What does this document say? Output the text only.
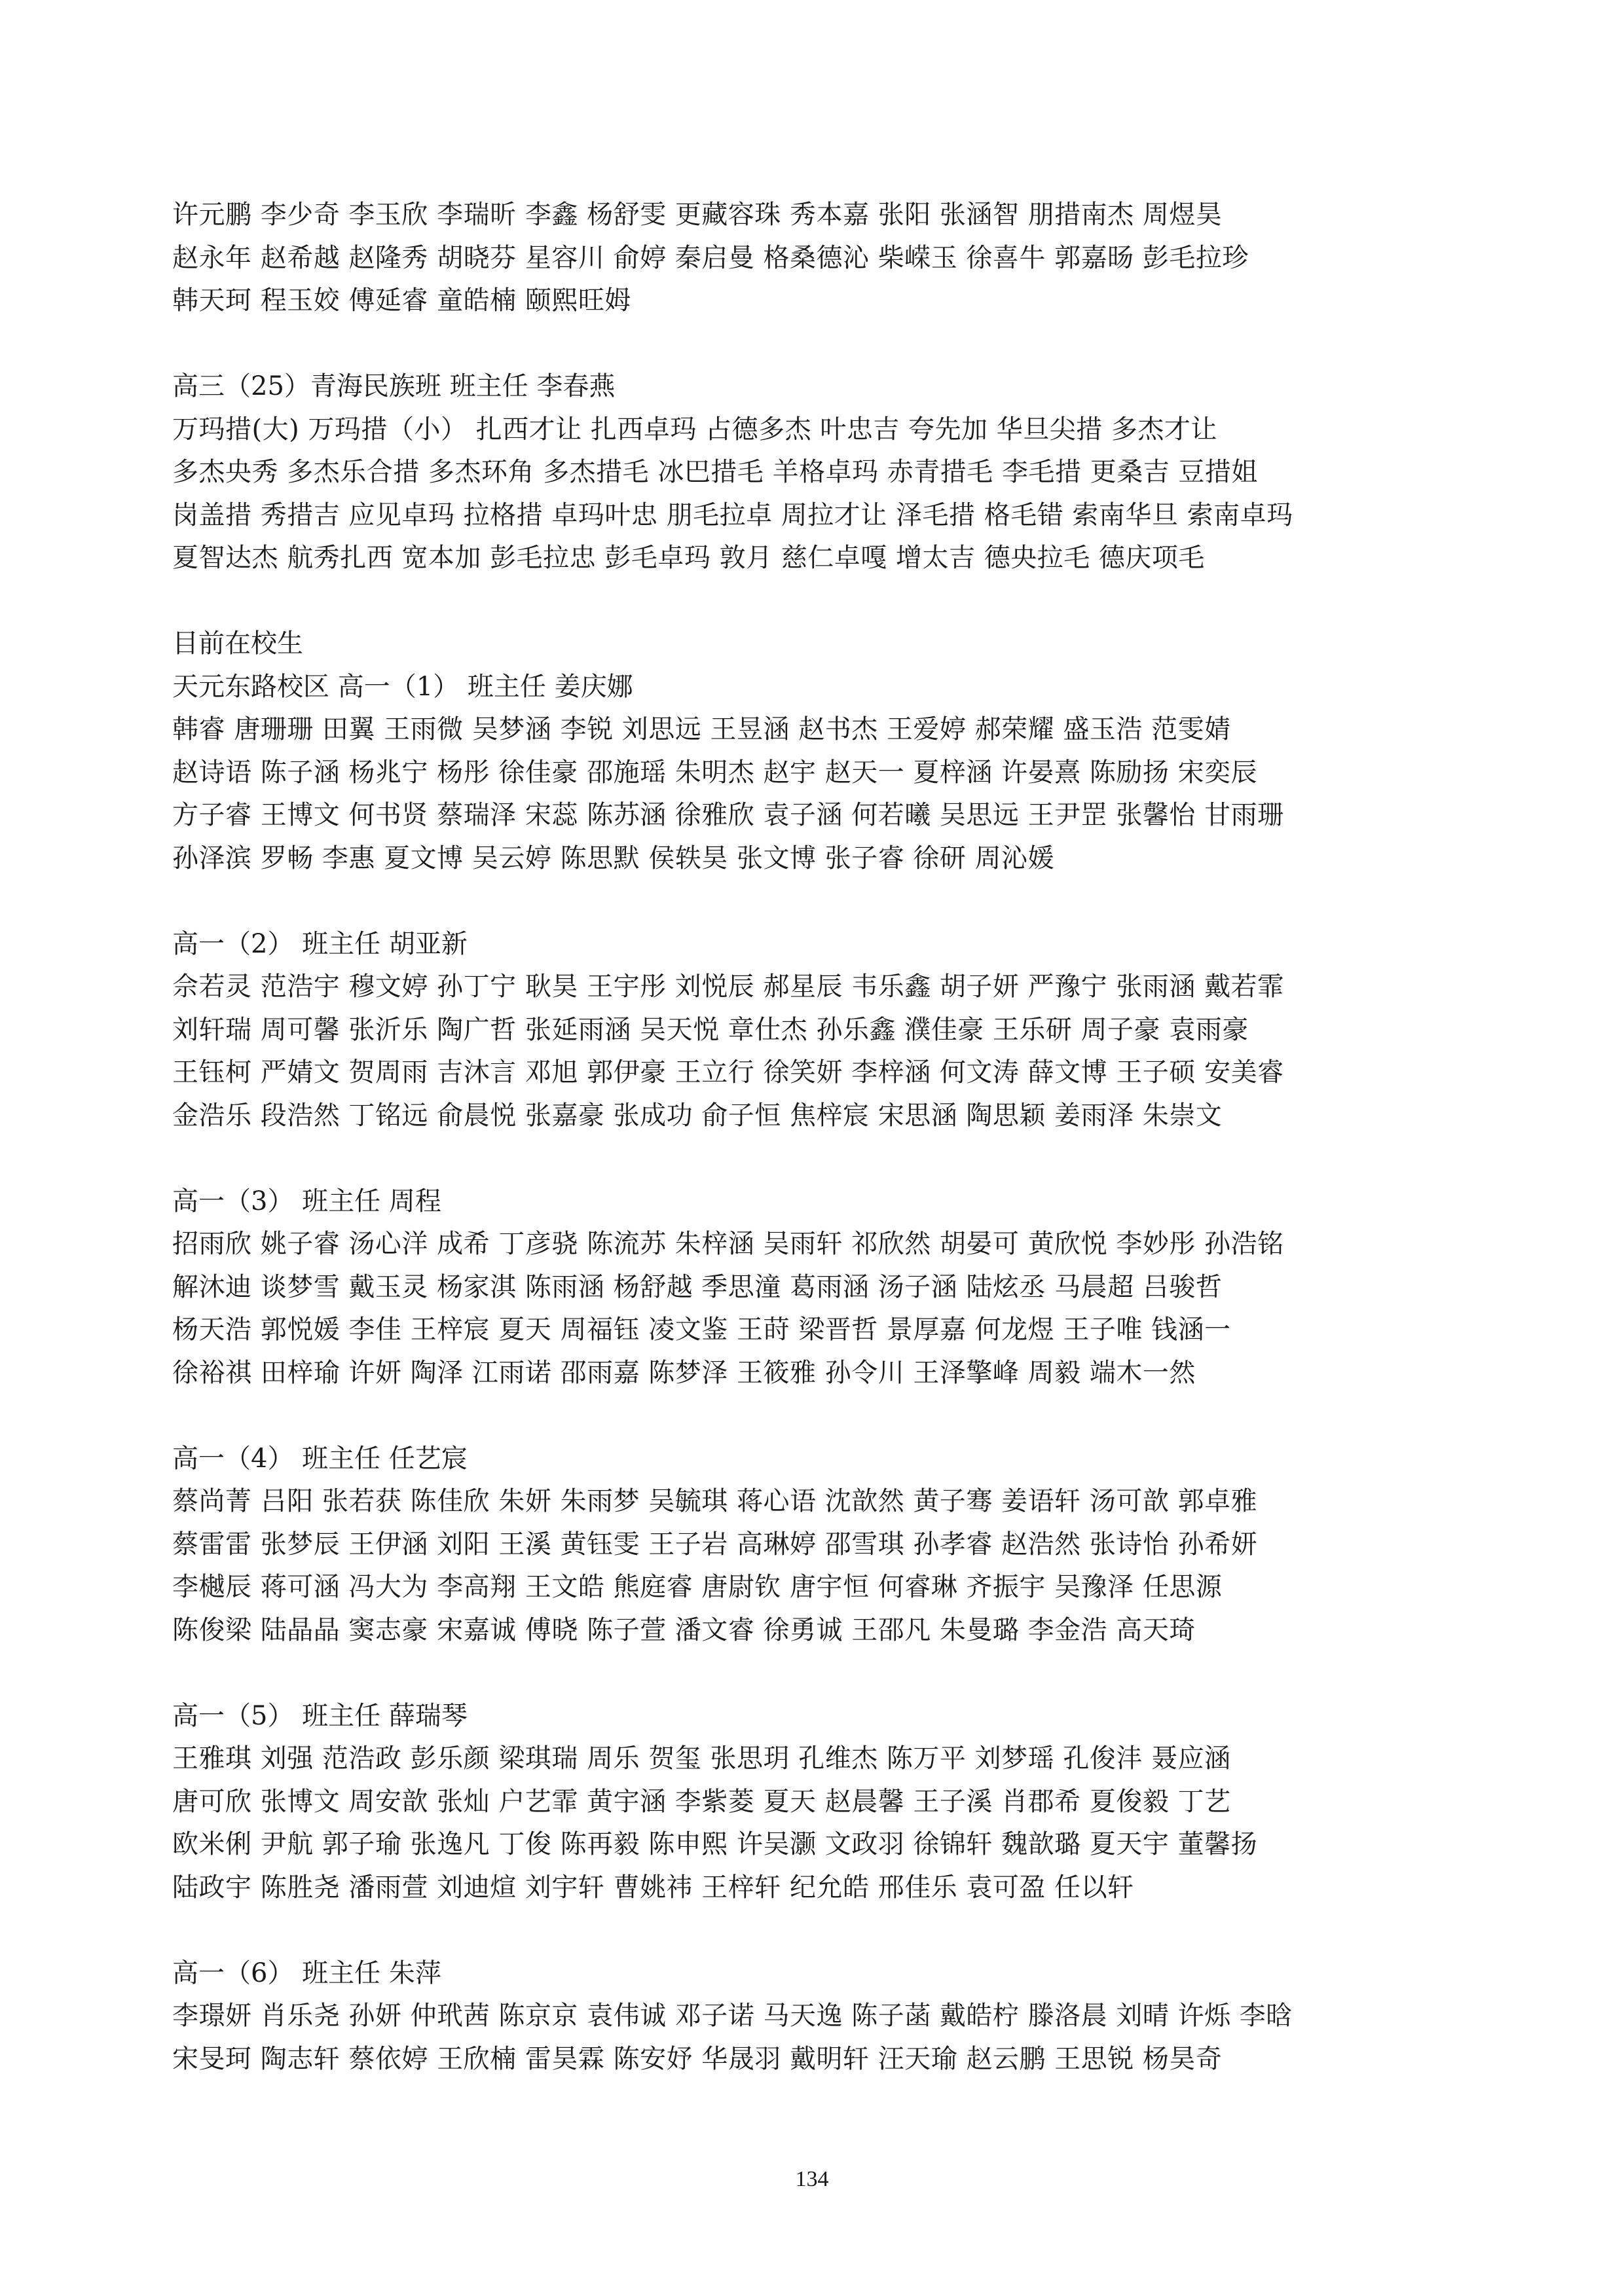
许元鹏 李少奇 李玉欣 李瑞昕 李鑫 杨舒雯 更藏容珠 秀本嘉 张阳 张涵智 朋措南杰 周煜昊
赵永年 赵希越 赵隆秀 胡晓芬 星容川 俞婷 秦启曼 格桑德沁 柴嵘玉 徐喜牛 郭嘉旸 彭毛拉珍
韩天珂 程玉姣 傅延睿 童皓楠 颐熙旺姆
高三（25）青海民族班 班主任 李春燕
万玛措(大) 万玛措（小） 扎西才让 扎西卓玛 占德多杰 叶忠吉 夸先加 华旦尖措 多杰才让
多杰央秀 多杰乐合措 多杰环角 多杰措毛 冰巴措毛 羊格卓玛 赤青措毛 李毛措 更桑吉 豆措姐
岗盖措 秀措吉 应见卓玛 拉格措 卓玛叶忠 朋毛拉卓 周拉才让 泽毛措 格毛错 索南华旦 索南卓玛
夏智达杰 航秀扎西 宽本加 彭毛拉忠 彭毛卓玛 敦月 慈仁卓嘎 增太吉 德央拉毛 德庆项毛
目前在校生
天元东路校区 高一（1） 班主任 姜庆娜
韩睿 唐珊珊 田翼 王雨微 吴梦涵 李锐 刘思远 王昱涵 赵书杰 王爱婷 郝荣耀 盛玉浩 范雯婧
赵诗语 陈子涵 杨兆宁 杨彤 徐佳豪 邵施瑶 朱明杰 赵宇 赵天一 夏梓涵 许晏熹 陈励扬 宋奕辰
方子睿 王博文 何书贤 蔡瑞泽 宋蕊 陈苏涵 徐雅欣 袁子涵 何若曦 吴思远 王尹罡 张馨怡 甘雨珊
孙泽滨 罗畅 李惠 夏文博 吴云婷 陈思默 侯轶昊 张文博 张子睿 徐研 周沁媛
高一（2） 班主任 胡亚新
佘若灵 范浩宇 穆文婷 孙丁宁 耿昊 王宇彤 刘悦辰 郝星辰 韦乐鑫 胡子妍 严豫宁 张雨涵 戴若霏
刘轩瑞 周可馨 张沂乐 陶广哲 张延雨涵 吴天悦 章仕杰 孙乐鑫 濮佳豪 王乐研 周子豪 袁雨豪
王钰柯 严婧文 贺周雨 吉沐言 邓旭 郭伊豪 王立行 徐笑妍 李梓涵 何文涛 薛文博 王子硕 安美睿
金浩乐 段浩然 丁铭远 俞晨悦 张嘉豪 张成功 俞子恒 焦梓宸 宋思涵 陶思颖 姜雨泽 朱崇文
高一（3） 班主任 周程
招雨欣 姚子睿 汤心洋 成希 丁彦骁 陈流苏 朱梓涵 吴雨轩 祁欣然 胡晏可 黄欣悦 李妙彤 孙浩铭
解沐迪 谈梦雪 戴玉灵 杨家淇 陈雨涵 杨舒越 季思潼 葛雨涵 汤子涵 陆炫丞 马晨超 吕骏哲
杨天浩 郭悦媛 李佳 王梓宸 夏天 周福钰 凌文鉴 王莳 梁晋哲 景厚嘉 何龙煜 王子唯 钱涵一
徐裕祺 田梓瑜 许妍 陶泽 江雨诺 邵雨嘉 陈梦泽 王筱雅 孙令川 王泽擎峰 周毅 端木一然
高一（4） 班主任 任艺宸
蔡尚菁 吕阳 张若获 陈佳欣 朱妍 朱雨梦 吴毓琪 蒋心语 沈歆然 黄子骞 姜语轩 汤可歆 郭卓雅
蔡雷雷 张梦辰 王伊涵 刘阳 王溪 黄钰雯 王子岩 高琳婷 邵雪琪 孙孝睿 赵浩然 张诗怡 孙希妍
李樾辰 蒋可涵 冯大为 李高翔 王文皓 熊庭睿 唐尉钦 唐宇恒 何睿琳 齐振宇 吴豫泽 任思源
陈俊梁 陆晶晶 窦志豪 宋嘉诚 傅晓 陈子萱 潘文睿 徐勇诚 王邵凡 朱曼璐 李金浩 高天琦
高一（5） 班主任 薛瑞琴
王雅琪 刘强 范浩政 彭乐颜 梁琪瑞 周乐 贺玺 张思玥 孔维杰 陈万平 刘梦瑶 孔俊沣 聂应涵
唐可欣 张博文 周安歆 张灿 户艺霏 黄宇涵 李紫菱 夏天 赵晨馨 王子溪 肖郡希 夏俊毅 丁艺
欧米俐 尹航 郭子瑜 张逸凡 丁俊 陈再毅 陈申熙 许吴灏 文政羽 徐锦轩 魏歆璐 夏天宇 董馨扬
陆政宇 陈胜尧 潘雨萱 刘迪煊 刘宇轩 曹姚祎 王梓轩 纪允皓 邢佳乐 袁可盈 任以轩
高一（6） 班主任 朱萍
李璟妍 肖乐尧 孙妍 仲玳茜 陈京京 袁伟诚 邓子诺 马天逸 陈子菡 戴皓柠 滕洛晨 刘晴 许烁 李晗
宋旻珂 陶志轩 蔡依婷 王欣楠 雷昊霖 陈安妤 华晟羽 戴明轩 汪天瑜 赵云鹏 王思锐 杨昊奇
134
